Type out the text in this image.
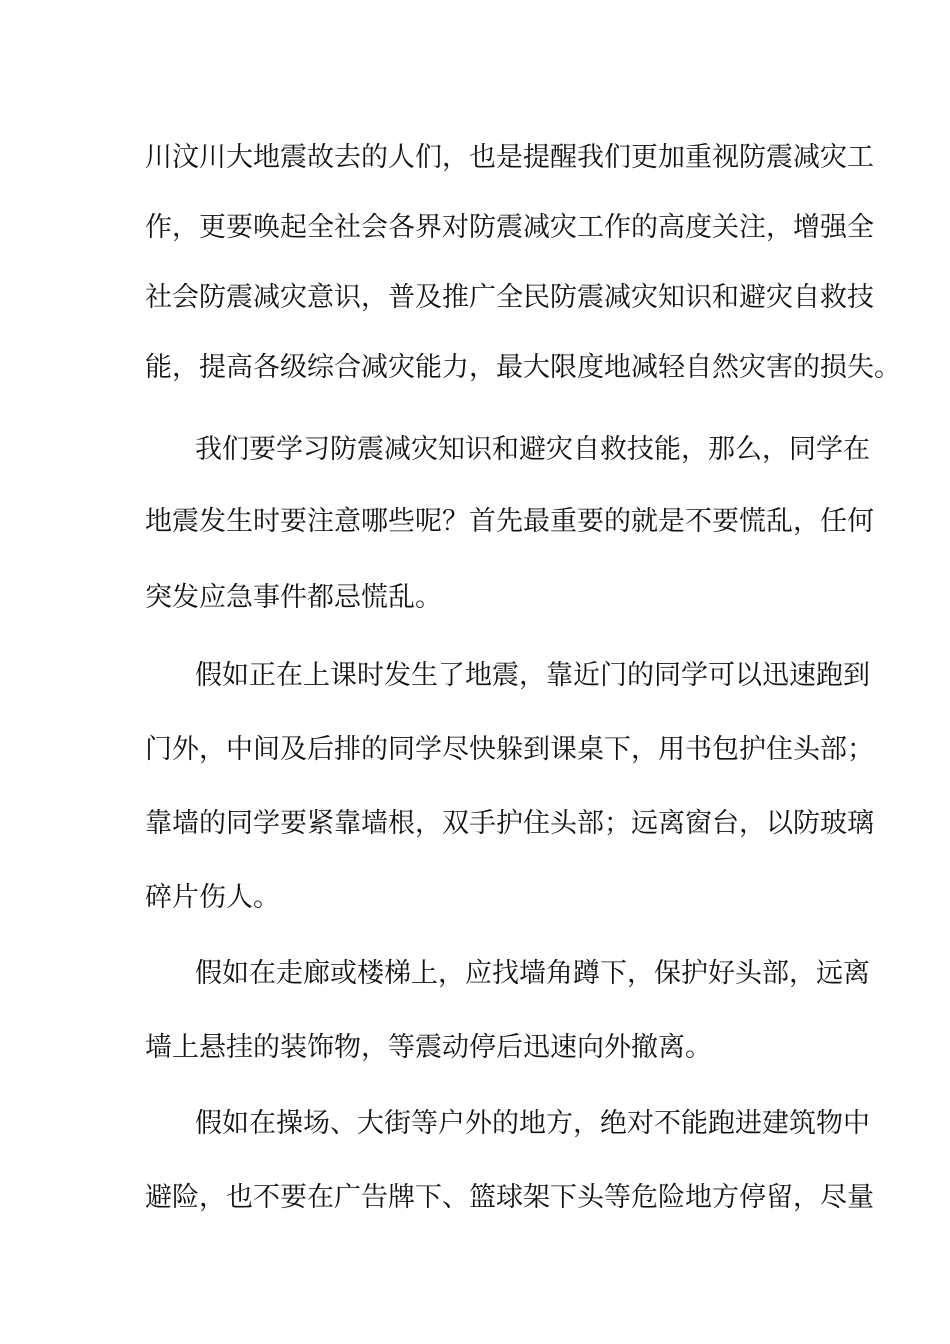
川汶川大地震故去的人们，也是提醒我们更加重视防震减灾工
作，更要唤起全社会各界对防震减灾工作的高度关注，增强全
社会防震减灾意识，普及推广全民防震减灾知识和避灾自救技
能，提高各级综合减灾能力，最大限度地减轻自然灾害的损失。
我们要学习防震减灾知识和避灾自救技能，那么，同学在
地震发生时要注意哪些呢？首先最重要的就是不要慌乱，任何
突发应急事件都忌慌乱。
假如正在上课时发生了地震，靠近门的同学可以迅速跑到
门外，中间及后排的同学尽快躲到课桌下，用书包护住头部；
靠墙的同学要紧靠墙根，双手护住头部；远离窗台，以防玻璃
碎片伤人。
假如在走廊或楼梯上，应找墙角蹲下，保护好头部，远离
墙上悬挂的装饰物，等震动停后迅速向外撤离。
假如在操场、大街等户外的地方，绝对不能跑进建筑物中
避险，也不要在广告牌下、篮球架下头等危险地方停留，尽量
